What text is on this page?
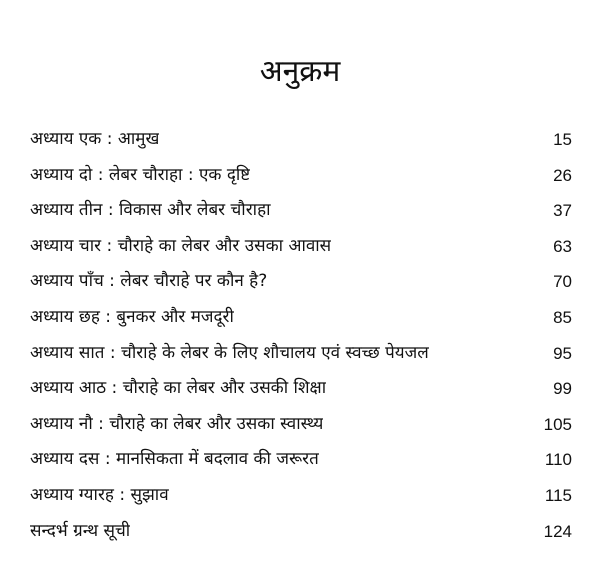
अनुक्रम
अध्याय एक : आमुख	15
अध्याय दो : लेबर चौराहा : एक दृष्टि	26
अध्याय तीन : विकास और लेबर चौराहा	37
अध्याय चार : चौराहे का लेबर और उसका आवास	63
अध्याय पाँच : लेबर चौराहे पर कौन है?	70
अध्याय छह : बुनकर और मजदूरी	85
अध्याय सात : चौराहे के लेबर के लिए शौचालय एवं स्वच्छ पेयजल	95
अध्याय आठ : चौराहे का लेबर और उसकी शिक्षा	99
अध्याय नौ : चौराहे का लेबर और उसका स्वास्थ्य	105
अध्याय दस : मानसिकता में बदलाव की जरूरत	110
अध्याय ग्यारह : सुझाव	115
सन्दर्भ ग्रन्थ सूची	124
